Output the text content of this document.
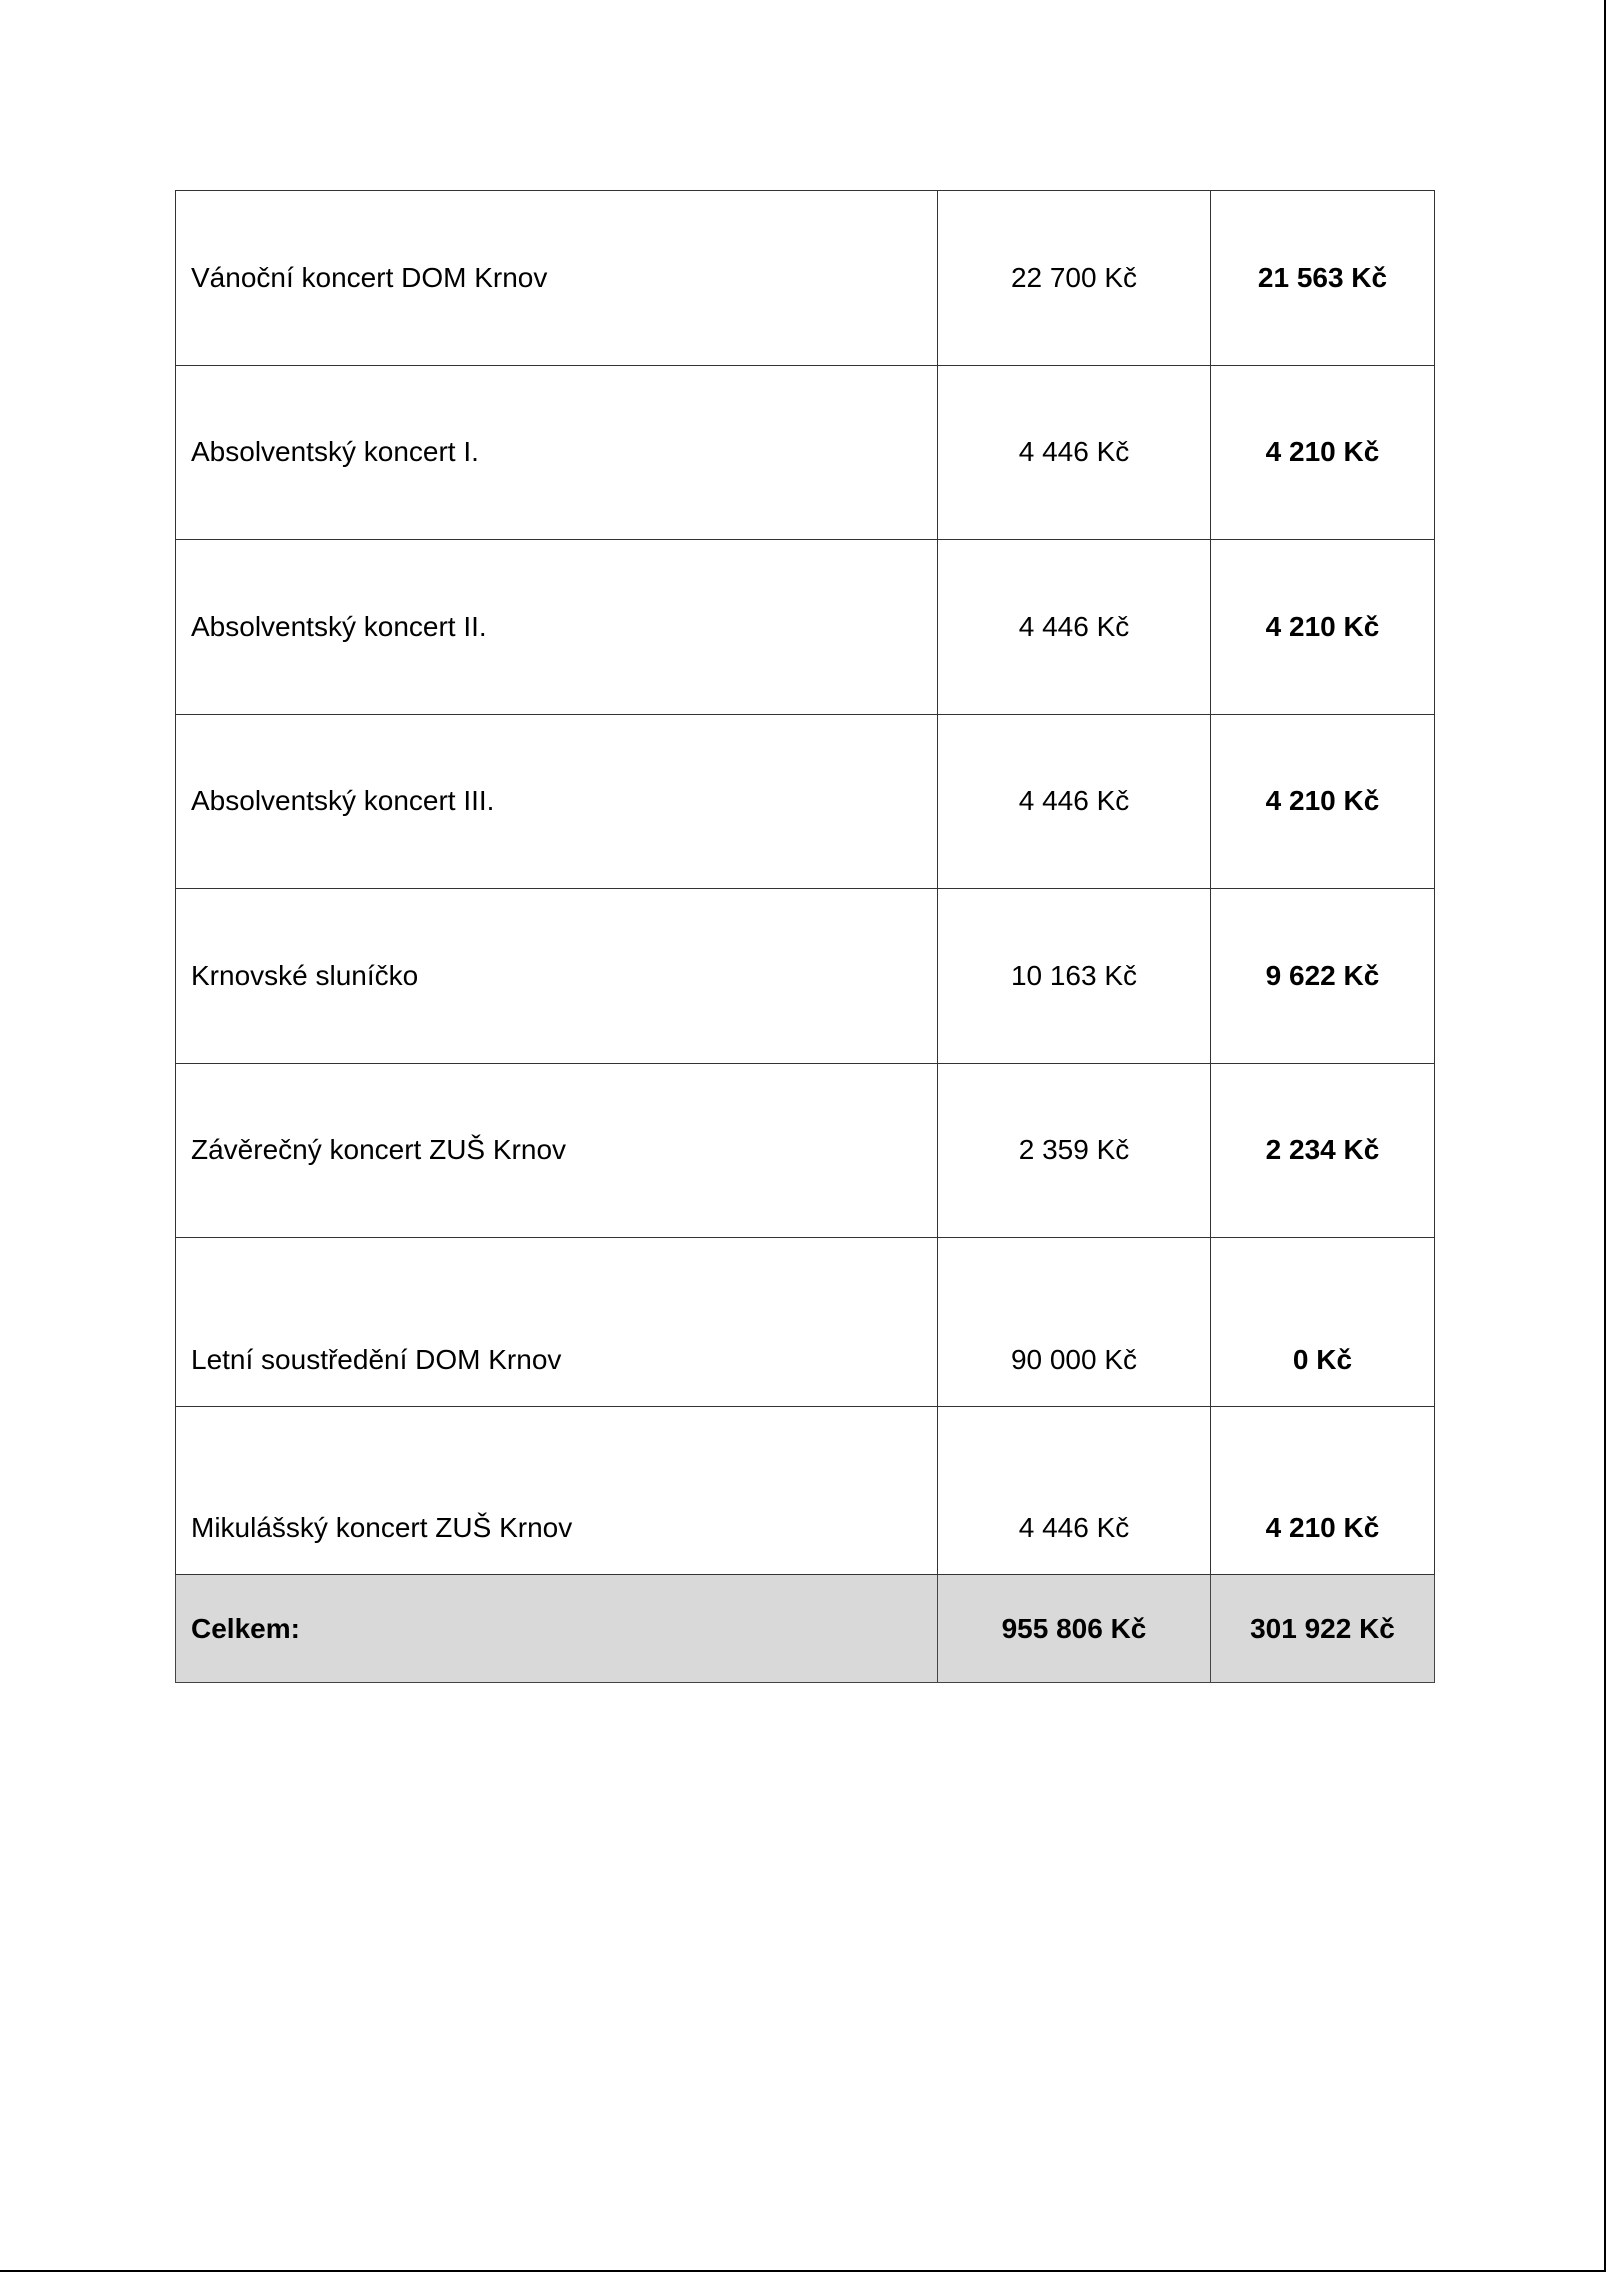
Vánoční koncert DOM Krnov	22 700 Kč	21 563 Kč
Absolventský koncert I.	4 446 Kč	4 210 Kč
Absolventský koncert II.	4 446 Kč	4 210 Kč
Absolventský koncert III.	4 446 Kč	4 210 Kč
Krnovské sluníčko	10 163 Kč	9 622 Kč
Závěrečný koncert ZUŠ Krnov	2 359 Kč	2 234 Kč
Letní soustředění DOM Krnov	90 000 Kč	0 Kč
Mikulášský koncert ZUŠ Krnov	4 446 Kč	4 210 Kč
Celkem:	955 806 Kč	301 922 Kč
